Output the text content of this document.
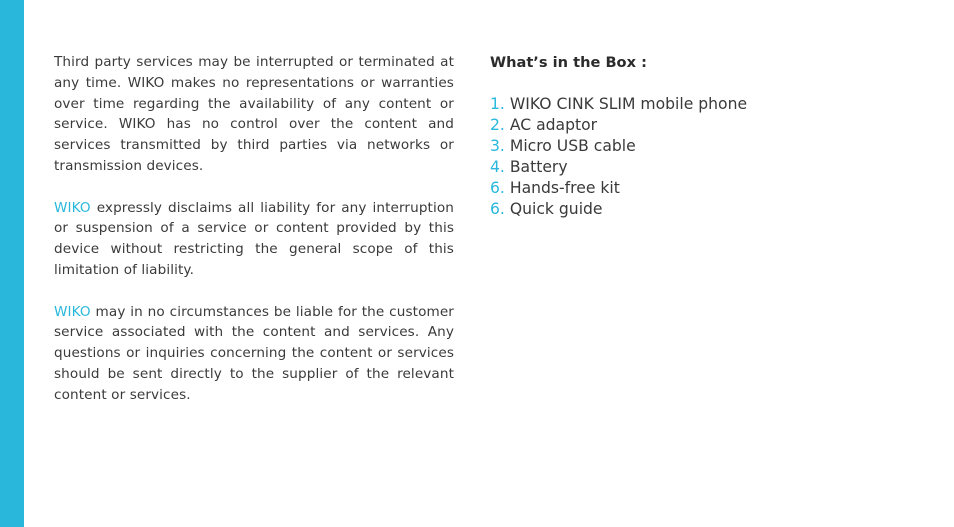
Third party services may be interrupted or terminated at any time. WIKO makes no representations or warranties over time regarding the availability of any content or service. WIKO has no control over the content and services transmitted by third parties via networks or transmission devices.

WIKO expressly disclaims all liability for any interruption or suspension of a service or content provided by this device without restricting the general scope of this limitation of liability.

WIKO may in no circumstances be liable for the customer service associated with the content and services. Any questions or inquiries concerning the content or services should be sent directly to the supplier of the relevant content or services.

What’s in the Box :
1. WIKO CINK SLIM mobile phone
2. AC adaptor
3. Micro USB cable
4. Battery
6. Hands-free kit
6. Quick guide
